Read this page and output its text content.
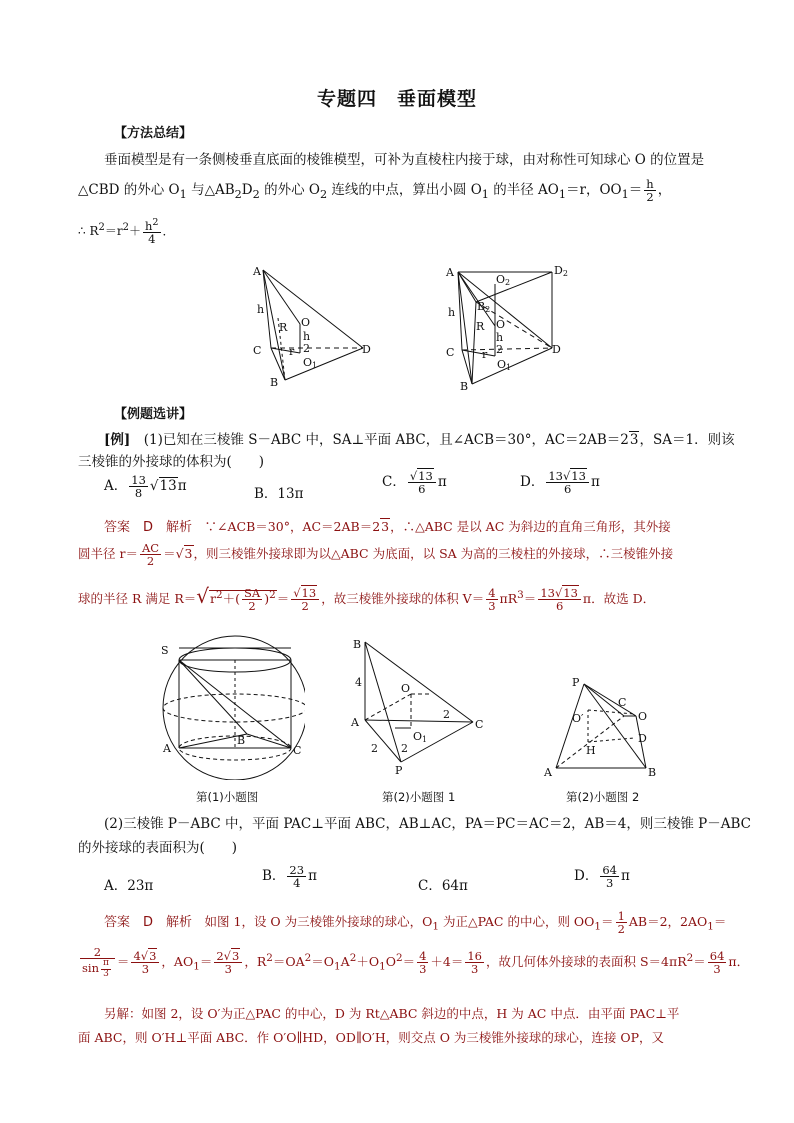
专题四　垂面模型
【方法总结】
垂面模型是有一条侧棱垂直底面的棱锥模型，可补为直棱柱内接于球，由对称性可知球心 O 的位置是
△CBD 的外心 $O_1$ 与$\triangle AB_2D_2$ 的外心 $O_2$ 连线的中点，算出小圆 $O_1$ 的半径 $AO_1=r$，$OO_1= \frac{h}{2}$ ，
∴ $R^2=r^2+ \frac{h^2}{4}$ ．
A
h
O
R
h
2
r
C
O1
D
B
A	D2
O2
B2
h
O
R
h
2
r
C
O1
D
B
【例题选讲】
[例]　 (1)已知在三棱锥 S－ABC 中，SA⊥平面 ABC，且∠ACB＝30°，AC＝2AB＝23，SA＝1．则该
三棱锥的外接球的体积为(　　)
A． $\frac{13}{8} √13\pi$	B．13π
C． $\frac{√13}{6}$ π	D． $\frac{13√13}{6}$ π
答案　D　解析　 ∵∠ACB＝30°，AC＝2AB＝23，∴△ABC 是以 AC 为斜边的直角三角形，其外接
圆半径 $r= \frac{AC}{2} =√3$，则三棱锥外接球即为以△ABC 为底面，以 SA 为高的三棱柱的外接球，∴三棱锥外接
球的半径 R 满足 $R=√r^2+( \frac{SA}{2} )^2= \frac{√13}{2}$ ，故三棱锥外接球的体积 $V= \frac{4}{3} \pi R^3= \frac{13√13}{6}$ π．故选 D．
S
A
B
C
B
4	O
A
2
C
O1
2 2
P
P
C
O
O′
D
H
A	B
第(1)小题图	第(2)小题图 1	第(2)小题图 2
(2)三棱锥 P－ABC 中，平面 PAC⊥平面 ABC，AB⊥AC，PA＝PC＝AC＝2，AB＝4，则三棱锥 P－ABC
的外接球的表面积为(　　)
A．23π
B． $\frac{23}{4}$ π
C．64π
D． $\frac{64}{3}$ π
答案　D　解析　 如图 1，设 O 为三棱锥外接球的球心，$O_1$ 为正△PAC 的中心，则 $OO_1= \frac{1}{2} AB=2$，$2AO_1=$
$\frac{2}{\sin \frac{\pi}{3}} = \frac{4√3}{3}$ ，$AO_1= \frac{2√3}{3}$ ，$R^2=OA^2=O_1A^2+O_1O^2= \frac{4}{3} +4= \frac{16}{3}$ ，故几何体外接球的表面积 $S=4\pi R^2= \frac{64}{3}$ π．
另解：如图 2，设 O′为正△PAC 的中心，D 为 Rt△ABC 斜边的中点，H 为 AC 中点．由平面 PAC⊥平
面 ABC，则 O′H⊥平面 ABC．作 O′O∥HD，OD∥O′H，则交点 O 为三棱锥外接球的球心，连接 OP，又
